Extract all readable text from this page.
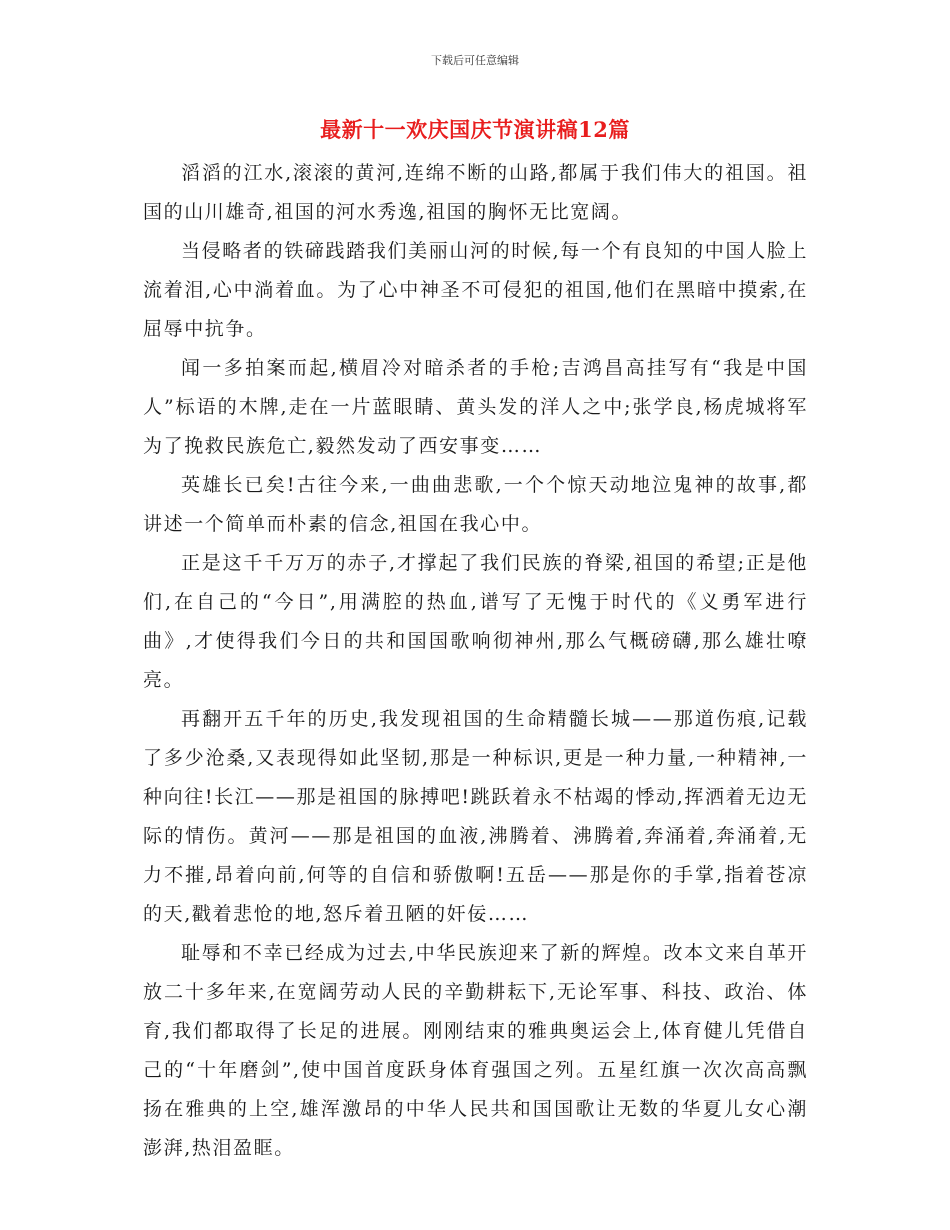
下载后可任意编辑
最新十一欢庆国庆节演讲稿12篇

滔滔的江水,滚滚的黄河,连绵不断的山路,都属于我们伟大的祖国。祖国的山川雄奇,祖国的河水秀逸,祖国的胸怀无比宽阔。

当侵略者的铁碲践踏我们美丽山河的时候,每一个有良知的中国人脸上流着泪,心中淌着血。为了心中神圣不可侵犯的祖国,他们在黑暗中摸索,在屈辱中抗争。

闻一多拍案而起,横眉冷对暗杀者的手枪;吉鸿昌高挂写有“我是中国人”标语的木牌,走在一片蓝眼睛、黄头发的洋人之中;张学良,杨虎城将军为了挽救民族危亡,毅然发动了西安事变……

英雄长已矣!古往今来,一曲曲悲歌,一个个惊天动地泣鬼神的故事,都讲述一个简单而朴素的信念,祖国在我心中。

正是这千千万万的赤子,才撑起了我们民族的脊梁,祖国的希望;正是他们,在自己的“今日”,用满腔的热血,谱写了无愧于时代的《义勇军进行曲》,才使得我们今日的共和国国歌响彻神州,那么气概磅礴,那么雄壮嘹亮。

再翻开五千年的历史,我发现祖国的生命精髓长城——那道伤痕,记载了多少沧桑,又表现得如此坚韧,那是一种标识,更是一种力量,一种精神,一种向往!长江——那是祖国的脉搏吧!跳跃着永不枯竭的悸动,挥洒着无边无际的情伤。黄河——那是祖国的血液,沸腾着、沸腾着,奔涌着,奔涌着,无力不摧,昂着向前,何等的自信和骄傲啊!五岳——那是你的手掌,指着苍凉的天,戳着悲怆的地,怒斥着丑陋的奸佞……

耻辱和不幸已经成为过去,中华民族迎来了新的辉煌。改本文来自革开放二十多年来,在宽阔劳动人民的辛勤耕耘下,无论军事、科技、政治、体育,我们都取得了长足的进展。刚刚结束的雅典奥运会上,体育健儿凭借自己的“十年磨剑”,使中国首度跃身体育强国之列。五星红旗一次次高高飘扬在雅典的上空,雄浑激昂的中华人民共和国国歌让无数的华夏儿女心潮澎湃,热泪盈眶。
